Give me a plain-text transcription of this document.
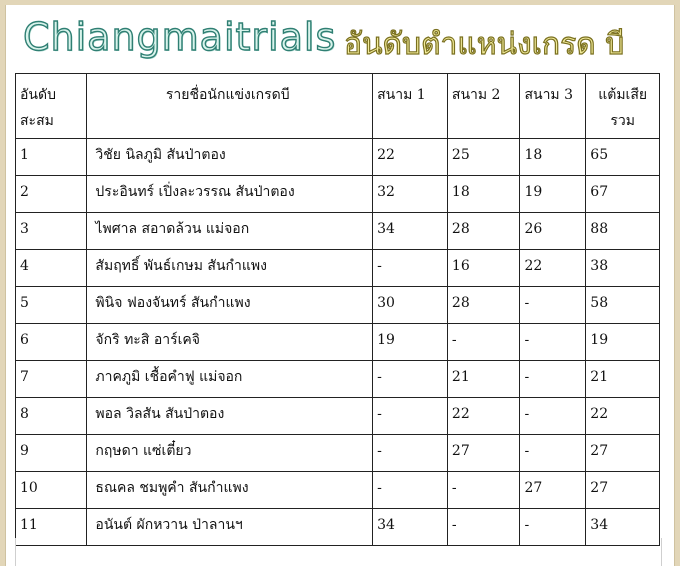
Chiangmaitrials อันดับตำแหน่งเกรด บี
อันดับ สะสม	รายชื่อนักแข่งเกรดบี	สนาม 1	สนาม 2	สนาม 3	แต้มเสีย รวม
1	วิชัย นิลภูมิ สันป่าตอง	22	25	18	65
2	ประอินทร์ เปิ่งละวรรณ สันป่าตอง	32	18	19	67
3	ไพศาล สอาดล้วน แม่จอก	34	28	26	88
4	สัมฤทธิ์ พันธ์เกษม สันกำแพง	-	16	22	38
5	พินิจ ฟองจันทร์ สันกำแพง	30	28	-	58
6	จักริ ทะสิ อาร์เคจิ	19	-	-	19
7	ภาคภูมิ เชื้อคำฟู แม่จอก	-	21	-	21
8	พอล วิลสัน สันป่าตอง	-	22	-	22
9	กฤษดา แซ่เตี๋ยว	-	27	-	27
10	ธณคล ชมพูคำ สันกำแพง	-	-	27	27
11	อนันต์ ผักหวาน ป่าลานฯ	34	-	-	34
